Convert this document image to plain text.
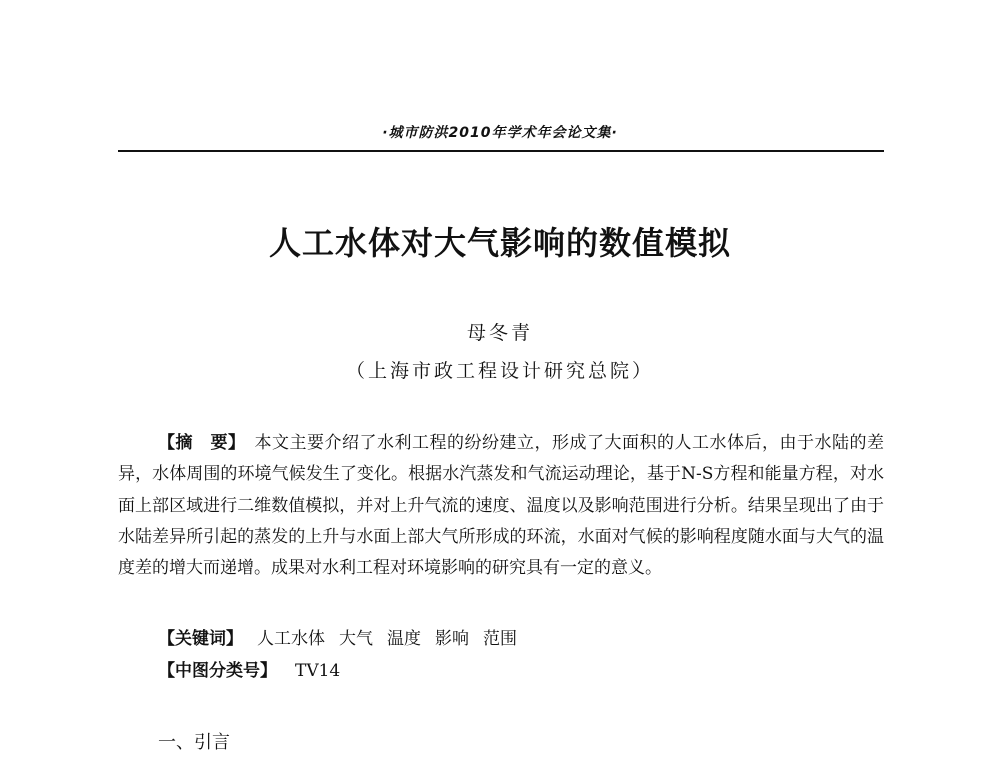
·城市防洪2010年学术年会论文集·
人工水体对大气影响的数值模拟
母冬青
（上海市政工程设计研究总院）
【摘　要】　 本文主要介绍了水利工程的纷纷建立，形成了大面积的人工水体后，由于水陆的差异，水体周围的环境气候发生了变化。根据水汽蒸发和气流运动理论，基于N-S方程和能量方程，对水面上部区域进行二维数值模拟，并对上升气流的速度、温度以及影响范围进行分析。结果呈现出了由于水陆差异所引起的蒸发的上升与水面上部大气所形成的环流，水面对气候的影响程度随水面与大气的温度差的增大而递增。成果对水利工程对环境影响的研究具有一定的意义。
【关键词】 人工水体 大气 温度 影响 范围
【中图分类号】 TV14
一、引言
